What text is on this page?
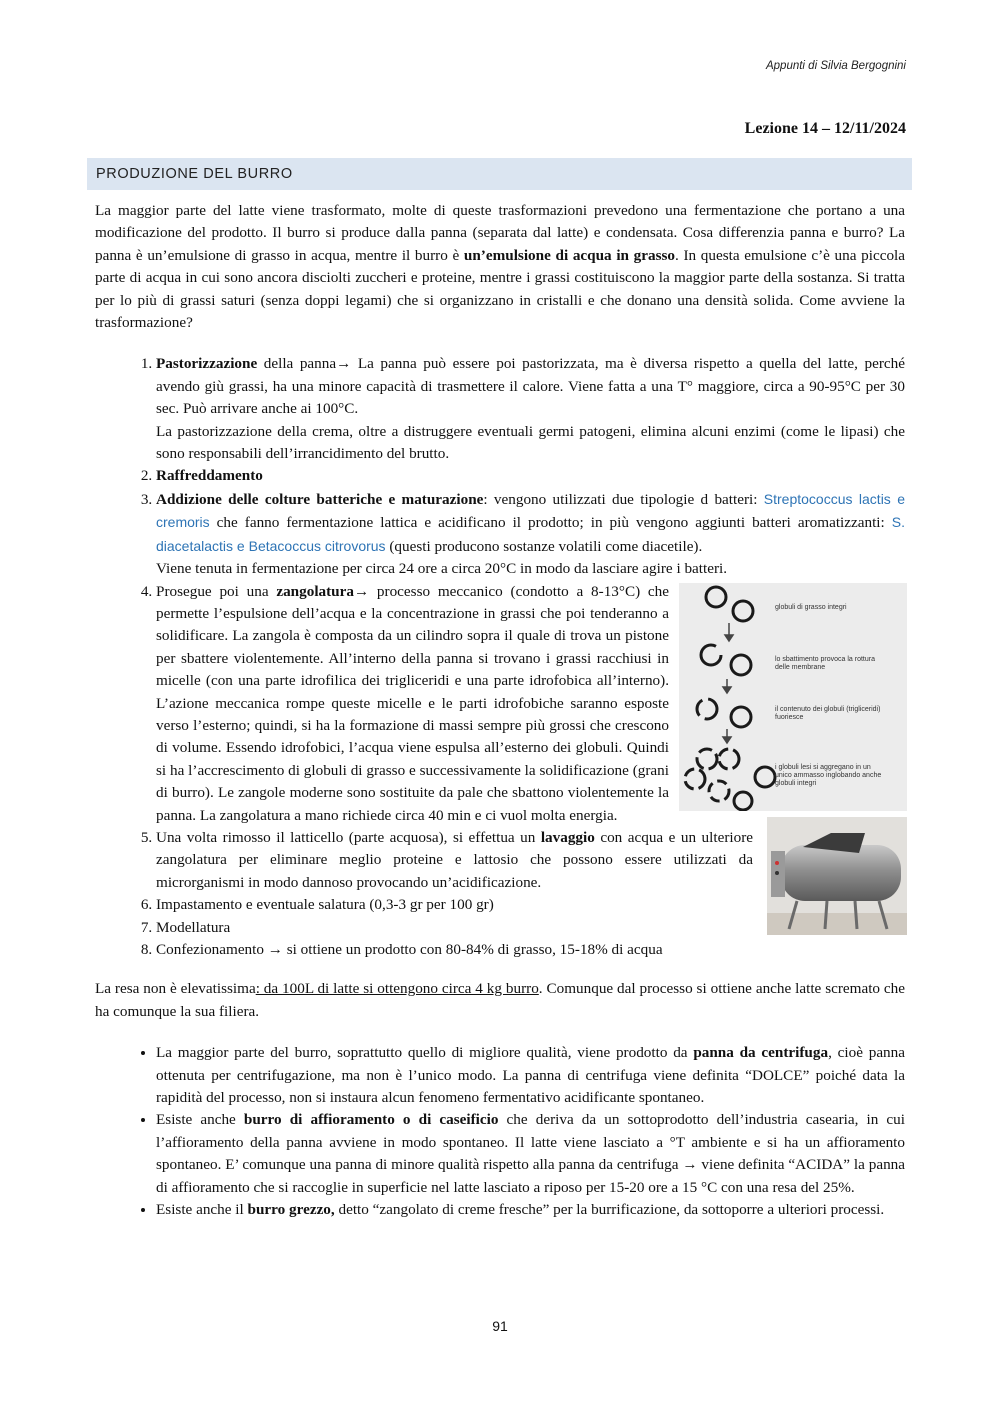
Appunti di Silvia Bergognini
Lezione 14 – 12/11/2024
PRODUZIONE DEL BURRO

La maggior parte del latte viene trasformato, molte di queste trasformazioni prevedono una fermentazione che portano a una modificazione del prodotto. Il burro si produce dalla panna (separata dal latte) e condensata. Cosa differenzia panna e burro? La panna è un’emulsione di grasso in acqua, mentre il burro è un’emulsione di acqua in grasso. In questa emulsione c’è una piccola parte di acqua in cui sono ancora disciolti zuccheri e proteine, mentre i grassi costituiscono la maggior parte della sostanza. Si tratta per lo più di grassi saturi (senza doppi legami) che si organizzano in cristalli e che donano una densità solida. Come avviene la trasformazione?

1. Pastorizzazione della panna→ La panna può essere poi pastorizzata, ma è diversa rispetto a quella del latte, perché avendo giù grassi, ha una minore capacità di trasmettere il calore. Viene fatta a una T° maggiore, circa a 90-95°C per 30 sec. Può arrivare anche ai 100°C.
La pastorizzazione della crema, oltre a distruggere eventuali germi patogeni, elimina alcuni enzimi (come le lipasi) che sono responsabili dell’irrancidimento del brutto.
2. Raffreddamento
3. Addizione delle colture batteriche e maturazione: vengono utilizzati due tipologie d batteri: Streptococcus lactis e cremoris che fanno fermentazione lattica e acidificano il prodotto; in più vengono aggiunti batteri aromatizzanti: S. diacetalactis e Betacoccus citrovorus (questi producono sostanze volatili come diacetile).
Viene tenuta in fermentazione per circa 24 ore a circa 20°C in modo da lasciare agire i batteri.
4. globuli di grasso integri
lo sbattimento provoca la rottura
delle membrane
il contenuto dei globuli (trigliceridi)
fuoriesce
i globuli lesi si aggregano in un
unico ammasso inglobando anche
globuli integri
Prosegue poi una zangolatura→ processo meccanico (condotto a 8-13°C) che permette l’espulsione dell’acqua e la concentrazione in grassi che poi tenderanno a solidificare. La zangola è composta da un cilindro sopra il quale di trova un pistone per sbattere violentemente. All’interno della panna si trovano i grassi racchiusi in micelle (con una parte idrofilica dei trigliceridi e una parte idrofobica all’interno). L’azione meccanica rompe queste micelle e le parti idrofobiche saranno esposte verso l’esterno; quindi, si ha la formazione di massi sempre più grossi che crescono di volume. Essendo idrofobici, l’acqua viene espulsa all’esterno dei globuli. Quindi si ha l’accrescimento di globuli di grasso e successivamente la solidificazione (grani di burro). Le zangole moderne sono sostituite da pale che sbattono violentemente la panna. La zangolatura a mano richiede circa 40 min e ci vuol molta energia.
5. Una volta rimosso il latticello (parte acquosa), si effettua un lavaggio con acqua e un ulteriore zangolatura per eliminare meglio proteine e lattosio che possono essere utilizzati da microrganismi in modo dannoso provocando un’acidificazione.
6. Impastamento e eventuale salatura (0,3-3 gr per 100 gr)
7. Modellatura
8. Confezionamento → si ottiene un prodotto con 80-84% di grasso, 15-18% di acqua

La resa non è elevatissima: da 100L di latte si ottengono circa 4 kg burro. Comunque dal processo si ottiene anche latte scremato che ha comunque la sua filiera.

• La maggior parte del burro, soprattutto quello di migliore qualità, viene prodotto da panna da centrifuga, cioè panna ottenuta per centrifugazione, ma non è l’unico modo. La panna di centrifuga viene definita “DOLCE” poiché data la rapidità del processo, non si instaura alcun fenomeno fermentativo acidificante spontaneo.
• Esiste anche burro di affioramento o di caseificio che deriva da un sottoprodotto dell’industria casearia, in cui l’affioramento della panna avviene in modo spontaneo. Il latte viene lasciato a °T ambiente e si ha un affioramento spontaneo. E’ comunque una panna di minore qualità rispetto alla panna da centrifuga → viene definita “ACIDA” la panna di affioramento che si raccoglie in superficie nel latte lasciato a riposo per 15-20 ore a 15 °C con una resa del 25%.
• Esiste anche il burro grezzo, detto “zangolato di creme fresche” per la burrificazione, da sottoporre a ulteriori processi.
91
